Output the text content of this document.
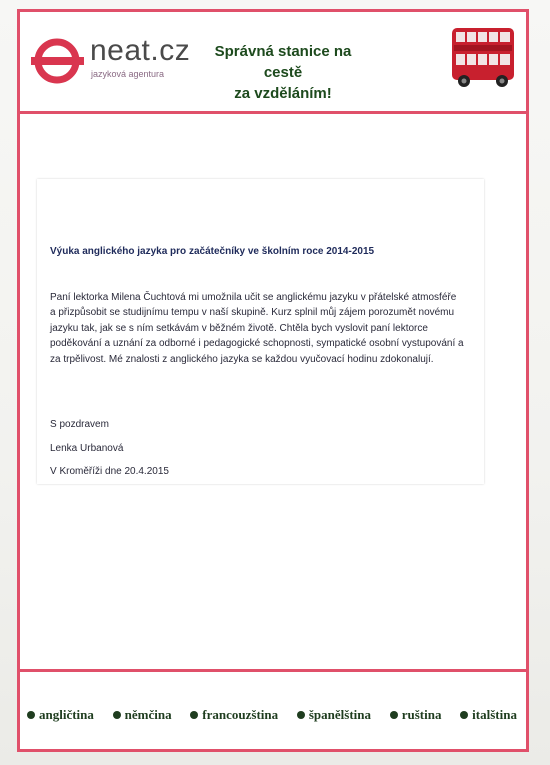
neat.cz
jazyková agentura
Správná stanice na cestě
za vzděláním!
Výuka anglického jazyka pro začátečníky ve školním roce 2014-2015
Paní lektorka Milena Čuchtová mi umožnila učit se anglickému jazyku v přátelské atmosféře
a přizpůsobit se studijnímu tempu v naší skupině. Kurz splnil můj zájem porozumět novému
jazyku tak, jak se s ním setkávám v běžném životě. Chtěla bych vyslovit paní lektorce
poděkování a uznání za odborné i pedagogické schopnosti, sympatické osobní vystupování a
za trpělivost. Mé znalosti z anglického jazyka se každou vyučovací hodinu zdokonalují.
S pozdravem
Lenka Urbanová
V Kroměříži dne 20.4.2015
angličtina němčina francouzština španělština ruština italština
